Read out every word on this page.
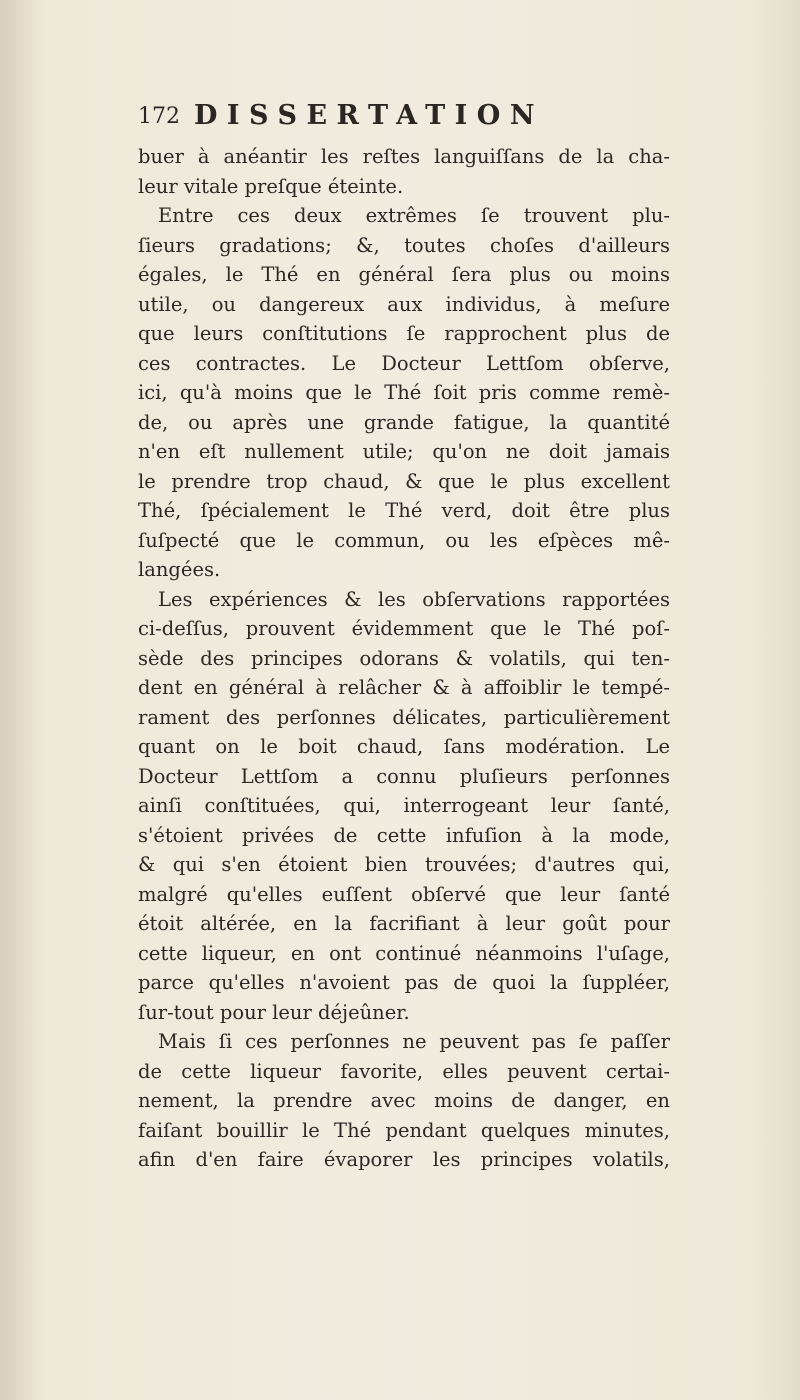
172 DISSERTATION
buer à anéantir les reſtes languiſſans de la cha-
leur vitale preſque éteinte.
Entre ces deux extrêmes ſe trouvent plu-
ſieurs gradations; &, toutes choſes d'ailleurs
égales, le Thé en général ſera plus ou moins
utile, ou dangereux aux individus, à meſure
que leurs conſtitutions ſe rapprochent plus de
ces contractes. Le Docteur Lettſom obſerve,
ici, qu'à moins que le Thé ſoit pris comme remè-
de, ou après une grande fatigue, la quantité
n'en eſt nullement utile; qu'on ne doit jamais
le prendre trop chaud, & que le plus excellent
Thé, ſpécialement le Thé verd, doit être plus
ſuſpecté que le commun, ou les eſpèces mê-
langées.
Les expériences & les obſervations rapportées
ci-deſſus, prouvent évidemment que le Thé poſ-
sède des principes odorans & volatils, qui ten-
dent en général à relâcher & à affoiblir le tempé-
rament des perſonnes délicates, particulièrement
quant on le boit chaud, ſans modération. Le
Docteur Lettſom a connu pluſieurs perſonnes
ainſi conſtituées, qui, interrogeant leur ſanté,
s'étoient privées de cette infuſion à la mode,
& qui s'en étoient bien trouvées; d'autres qui,
malgré qu'elles euſſent obſervé que leur ſanté
étoit altérée, en la facrifiant à leur goût pour
cette liqueur, en ont continué néanmoins l'uſage,
parce qu'elles n'avoient pas de quoi la ſuppléer,
ſur-tout pour leur déjeûner.
Mais ſi ces perſonnes ne peuvent pas ſe paſſer
de cette liqueur favorite, elles peuvent certai-
nement, la prendre avec moins de danger, en
faiſant bouillir le Thé pendant quelques minutes,
afin d'en faire évaporer les principes volatils,
